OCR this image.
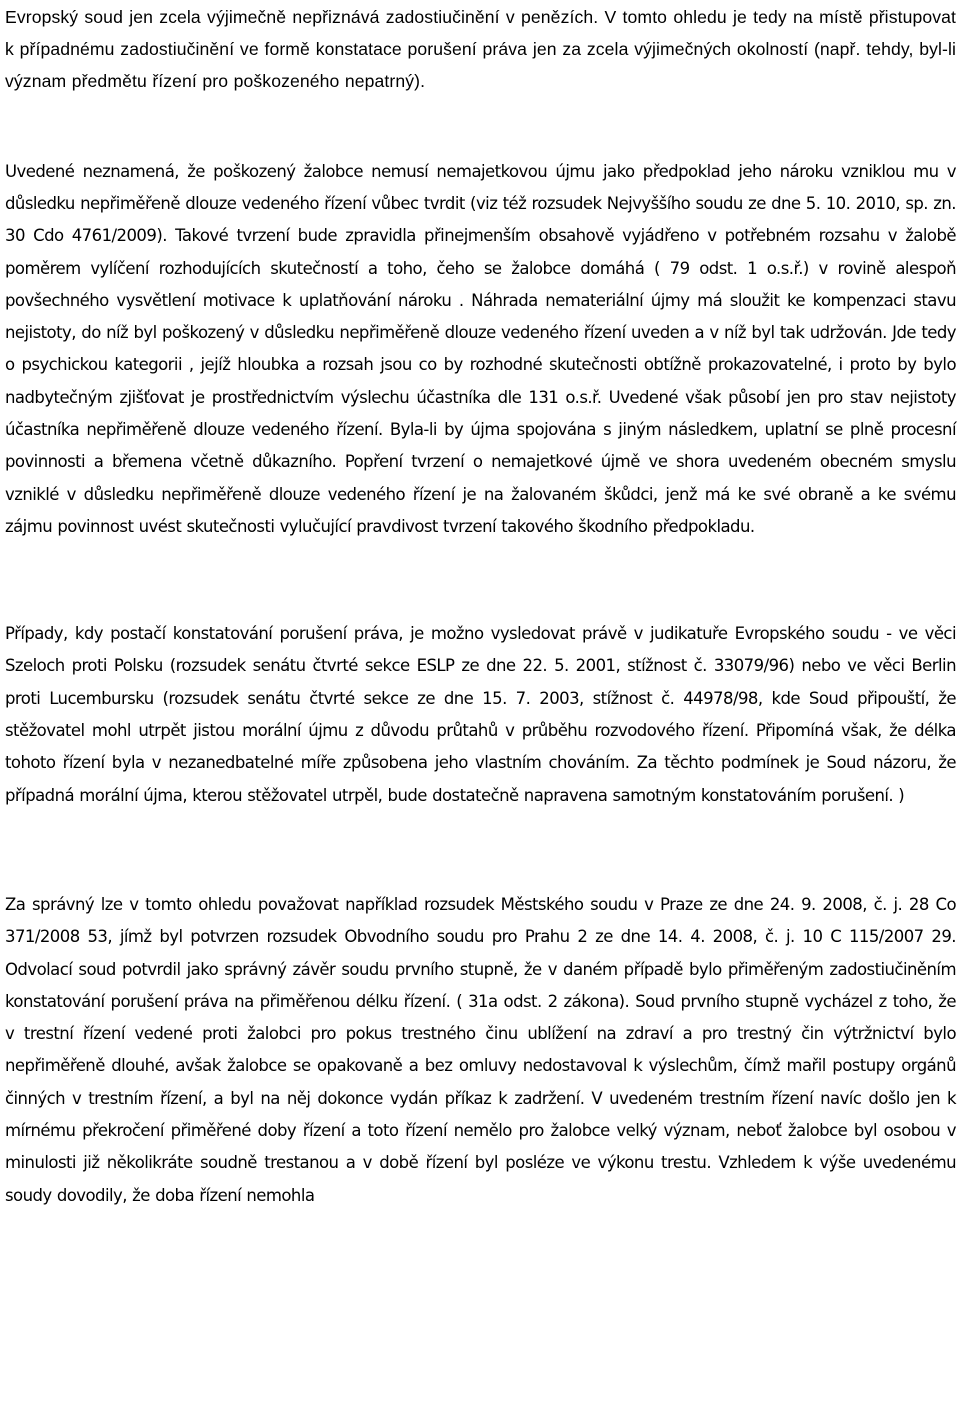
Evropský soud jen zcela výjimečně nepřiznává zadostiučinění v penězích. V tomto ohledu je tedy na místě přistupovat k případnému zadostiučinění ve formě konstatace porušení práva jen za zcela výjimečných okolností (např. tehdy, byl-li význam předmětu řízení pro poškozeného nepatrný).

Uvedené neznamená, že poškozený žalobce nemusí nemajetkovou újmu jako předpoklad jeho nároku vzniklou mu v důsledku nepřiměřeně dlouze vedeného řízení vůbec tvrdit (viz též rozsudek Nejvyššího soudu ze dne 5. 10. 2010, sp. zn. 30 Cdo 4761/2009). Takové tvrzení bude zpravidla přinejmenším obsahově vyjádřeno v potřebném rozsahu v žalobě poměrem vylíčení rozhodujících skutečností a toho, čeho se žalobce domáhá ( 79 odst. 1 o.s.ř.) v rovině alespoň povšechného vysvětlení motivace k uplatňování nároku . Náhrada nemateriální újmy má sloužit ke kompenzaci stavu nejistoty, do níž byl poškozený v důsledku nepřiměřeně dlouze vedeného řízení uveden a v níž byl tak udržován. Jde tedy o psychickou kategorii , jejíž hloubka a rozsah jsou co by rozhodné skutečnosti obtížně prokazovatelné, i proto by bylo nadbytečným zjišťovat je prostřednictvím výslechu účastníka dle 131 o.s.ř. Uvedené však působí jen pro stav nejistoty účastníka nepřiměřeně dlouze vedeného řízení. Byla-li by újma spojována s jiným následkem, uplatní se plně procesní povinnosti a břemena včetně důkazního. Popření tvrzení o nemajetkové újmě ve shora uvedeném obecném smyslu vzniklé v důsledku nepřiměřeně dlouze vedeného řízení je na žalovaném škůdci, jenž má ke své obraně a ke svému zájmu povinnost uvést skutečnosti vylučující pravdivost tvrzení takového škodního předpokladu.

Případy, kdy postačí konstatování porušení práva, je možno vysledovat právě v judikatuře Evropského soudu - ve věci Szeloch proti Polsku (rozsudek senátu čtvrté sekce ESLP ze dne 22. 5. 2001, stížnost č. 33079/96) nebo ve věci Berlin proti Lucembursku (rozsudek senátu čtvrté sekce ze dne 15. 7. 2003, stížnost č. 44978/98, kde Soud připouští, že stěžovatel mohl utrpět jistou morální újmu z důvodu průtahů v průběhu rozvodového řízení. Připomíná však, že délka tohoto řízení byla v nezanedbatelné míře způsobena jeho vlastním chováním. Za těchto podmínek je Soud názoru, že případná morální újma, kterou stěžovatel utrpěl, bude dostatečně napravena samotným konstatováním porušení. )

Za správný lze v tomto ohledu považovat například rozsudek Městského soudu v Praze ze dne 24. 9. 2008, č. j. 28 Co 371/2008 53, jímž byl potvrzen rozsudek Obvodního soudu pro Prahu 2 ze dne 14. 4. 2008, č. j. 10 C 115/2007 29. Odvolací soud potvrdil jako správný závěr soudu prvního stupně, že v daném případě bylo přiměřeným zadostiučiněním konstatování porušení práva na přiměřenou délku řízení. ( 31a odst. 2 zákona). Soud prvního stupně vycházel z toho, že v trestní řízení vedené proti žalobci pro pokus trestného činu ublížení na zdraví a pro trestný čin výtržnictví bylo nepřiměřeně dlouhé, avšak žalobce se opakovaně a bez omluvy nedostavoval k výslechům, čímž mařil postupy orgánů činných v trestním řízení, a byl na něj dokonce vydán příkaz k zadržení. V uvedeném trestním řízení navíc došlo jen k mírnému překročení přiměřené doby řízení a toto řízení nemělo pro žalobce velký význam, neboť žalobce byl osobou v minulosti již několikráte soudně trestanou a v době řízení byl posléze ve výkonu trestu. Vzhledem k výše uvedenému soudy dovodily, že doba řízení nemohla
